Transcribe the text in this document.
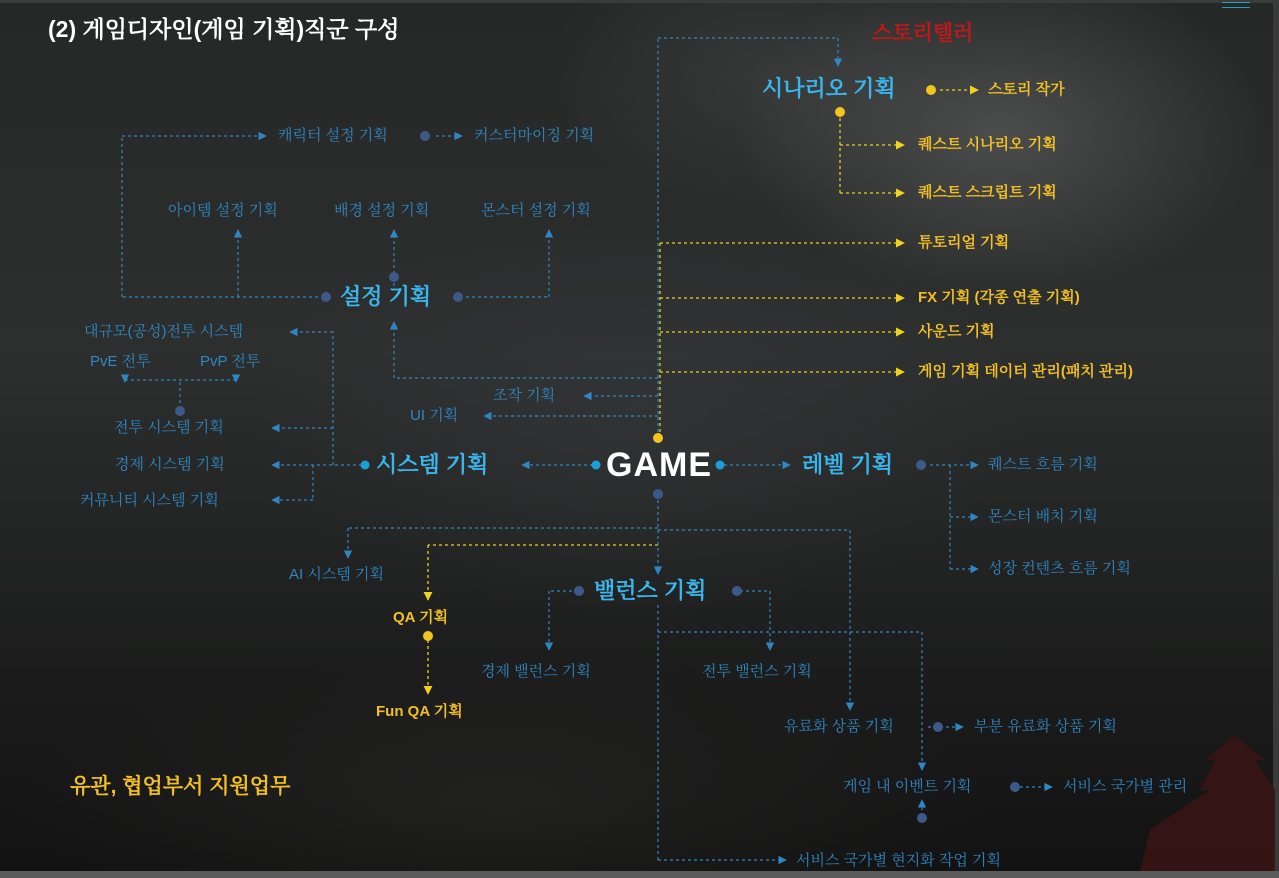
(2) 게임디자인(게임 기획)직군 구성
GAME
스토리텔러
시나리오 기획	스토리 작가
퀘스트 시나리오 기획
퀘스트 스크립트 기획
튜토리얼 기획
FX 기획 (각종 연출 기획)
사운드 기획
게임 기획 데이터 관리(패치 관리)
설정 기획
캐릭터 설정 기획	커스터마이징 기획
아이템 설정 기획	배경 설정 기획	몬스터 설정 기획
시스템 기획
조작 기획
UI 기획
대규모(공성)전투 시스템
PvE 전투	PvP 전투
전투 시스템 기획
경제 시스템 기획
커뮤니티 시스템 기획
레벨 기획	퀘스트 흐름 기획
몬스터 배치 기획
성장 컨텐츠 흐름 기획
밸런스 기획
경제 밸런스 기획	전투 밸런스 기획
AI 시스템 기획
QA 기획
Fun QA 기획
유료화 상품 기획	부분 유료화 상품 기획
게임 내 이벤트 기획	서비스 국가별 관리
서비스 국가별 현지화 작업 기획
유관, 협업부서 지원업무
